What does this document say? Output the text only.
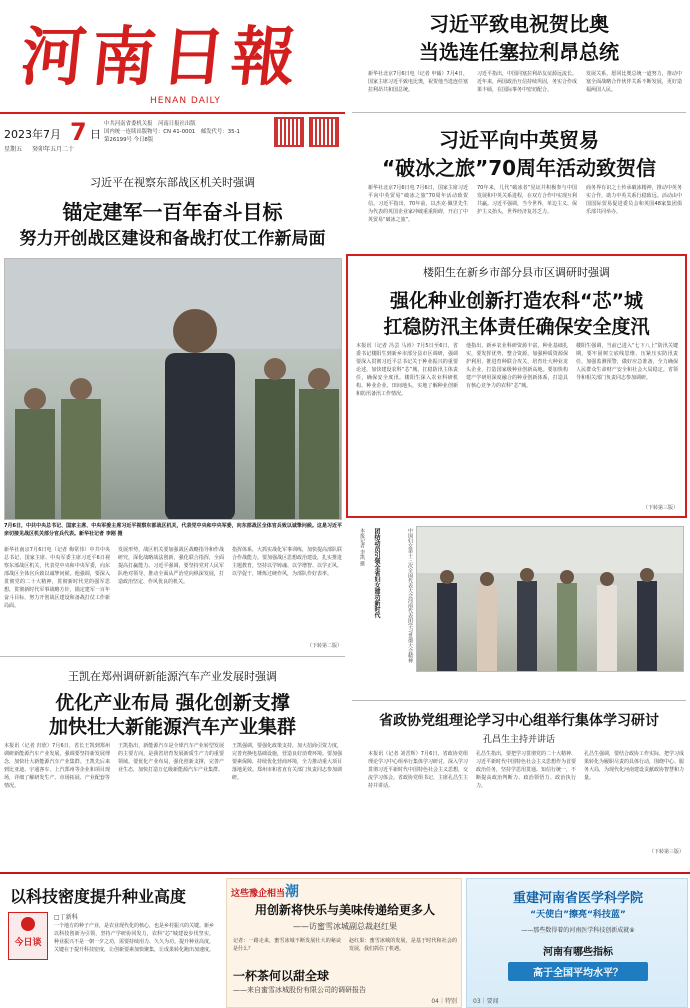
河南日報
HENAN DAILY
2023年7月 7 日
星期五 癸卯年五月二十
中共河南省委机关报　 河南日报社出版
国内统一连续出版物号：CN 41-0001　 邮发代号：35-1
第26199号 今日8版
习近平致电祝贺比奥
当选连任塞拉利昂总统
新华社北京7月6日电（记者 申铖）7月4日，国家主席习近平致电比奥，祝贺他当选连任塞拉利昂共和国总统。
习近平指出，中国同塞拉利昂友谊源远流长。近年来，两国政治互信持续巩固，务实合作成果丰硕，在国际事务中密切配合。
发展关系，愿同比奥总统一道努力，推动中塞全面战略合作伙伴关系不断发展，更好造福两国人民。
习近平向中英贸易
“破冰之旅”70周年活动致贺信
新华社北京7月6日电 7月6日，国家主席习近平向中英贸易“破冰之旅”70周年活动致贺信。习近平指出，70年前，以杰克·佩里先生为代表的英国企业家冲破重重阻碍，开启了中英贸易“破冰之旅”。
70年来，几代“破冰者”见证并积极参与中国发展和中英关系进程，在双方合作中实现互利共赢。习近平强调，当今世界，单边主义、保护主义抬头，世界经济复苏乏力。
商务界有识之士传承破冰精神，推动中英务实合作，助力中英关系行稳致远。活动由中国国际贸易促进委员会和英国48家集团俱乐部共同举办。
习近平在视察东部战区机关时强调
锚定建军一百年奋斗目标
努力开创战区建设和备战打仗工作新局面
7月6日，中共中央总书记、国家主席、中央军委主席习近平视察东部战区机关，代表党中央和中央军委，向东部战区全体官兵致以诚挚问候。这是习近平亲切接见战区机关部分官兵代表。新华社记者 李刚 摄
新华社南京7月6日电（记者 梅常伟）中共中央总书记、国家主席、中央军委主席习近平6日视察东部战区机关，代表党中央和中央军委，向东部战区全体官兵致以诚挚问候。他强调，要深入贯彻党的二十大精神，贯彻新时代党的强军思想，贯彻新时代军事战略方针，锚定建军一百年奋斗目标，努力开创战区建设和备战打仗工作新局面。
发展形势，战区机关要加强战区战略指导和作战研究，深化战略战法创新，强化联合指挥，全面提高打赢能力。习近平强调，要坚持党对人民军队绝对领导，推动全面从严治党向纵深发展，打造政治坚定、作风优良的机关。
指挥体系，大抓实战化军事训练，加快提高部队联合作战能力。要加强战区思想政治建设，扎实推进主题教育，坚持以学铸魂、以学增智、以学正风、以学促干，锤炼过硬作风，为部队作好表率。
（下转第二版）
楼阳生在新乡市部分县市区调研时强调
强化种业创新打造农科“芯”城
扛稳防汛主体责任确保安全度汛
本报讯（记者 冯芸 马涛）7月5日至6日，省委书记楼阳生到新乡市部分县市区调研，强调要深入贯彻习近平总书记关于种业振兴的重要论述，加快建设农科“芯”城，扛稳防汛主体责任，确保安全度汛。楼阳生深入农业科研机构、种业企业、田间地头，实地了解种业创新和防汛备汛工作情况。
他指出，新乡农业科研资源丰富，种业基础扎实，要发挥优势，整合资源，加强种质资源保护利用，推进育种联合攻关，培育壮大种业龙头企业，打造国家级种业创新高地。要加快构建产学研用深度融合的种业创新体系，打造具有核心竞争力的农科“芯”城。
楼阳生强调，当前已进入“七下八上”防汛关键期，要牢固树立底线思维，压紧压实防汛责任，加强监测预警，做好应急准备，全力确保人民群众生命财产安全和社会大局稳定。省领导和相关部门负责同志参加调研。
（下转第三版）
团结动员引领全省妇女建功新时代	中国妇女第十三次全国代表大会河南代表团学习贯彻大会精神
本报记者 李凯 摄
王凯在郑州调研新能源汽车产业发展时强调
优化产业布局 强化创新支撑
加快壮大新能源汽车产业集群
本报讯（记者 归欣）7月6日，省长王凯到郑州调研新能源汽车产业发展，强调要坚持新发展理念，加快壮大新能源汽车产业集群。王凯先后来到比亚迪、宇通客车、上汽郑州等企业和项目现场，详细了解研发生产、市场拓展、产业配套等情况。
王凯指出，新能源汽车是全球汽车产业转型发展的主要方向，是我省培育发展新质生产力的重要领域。要优化产业布局，强化创新支撑，完善产业生态，加快打造万亿级新能源汽车产业集群。
王凯强调，要强化政策支持，加大招商引资力度，完善充换电基础设施，营造良好消费环境。要加强要素保障，持续优化营商环境，全力推动重大项目落地见效。郑州市和省直有关部门负责同志参加调研。
省政协党组理论学习中心组举行集体学习研讨
孔昌生主持并讲话
本报讯（记者 刘晋辉）7月6日，省政协党组理论学习中心组举行集体学习研讨，深入学习贯彻习近平新时代中国特色社会主义思想，交流学习体会。省政协党组书记、主席孔昌生主持并讲话。
孔昌生指出，要把学习贯彻党的二十大精神、习近平新时代中国特色社会主义思想作为首要政治任务，坚持学思用贯通、知信行统一，不断提高政治判断力、政治领悟力、政治执行力。
孔昌生强调，要结合政协工作实际，把学习成果转化为履职尽责的具体行动，围绕中心、服务大局，为现代化河南建设贡献政协智慧和力量。
（下转第三版）
以科技密度提升种业高度
今日谈
□丁新科
一个地方的种子产业，是农业现代化的核心，也是乡村振兴的关键。新乡以科技创新为引领，坚持产学研协同发力，农科“芯”城建设步伐坚实。种业振兴不是一朝一夕之功，需要持续用力、久久为功。提升种业高度，关键在于提升科技密度，让创新要素加快聚集，让成果转化跑出加速度。
这些豫企相当潮
用创新将快乐与美味传递给更多人
——访蜜雪冰城副总裁赵红果
记者：一路走来，蜜雪冰城不断发展壮大的秘诀是什么？
赵红果：蜜雪冰城的发展，是基于时代和社会的发展，我们抓住了机遇。
一杯茶何以甜全球
——来自蜜雪冰城股份有限公司的调研报告
04｜特别
重建河南省医学科学院
“天使白”擦亮“科技蓝”
——那些数得着的河南医学科技创新成就⑧
河南有哪些指标
高于全国平均水平？
03｜要闻
